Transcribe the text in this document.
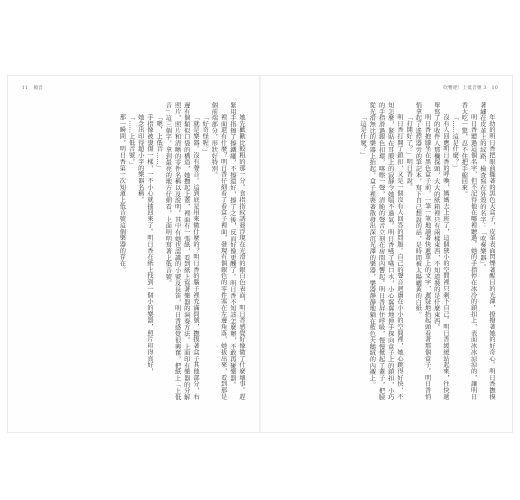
吹響吧！上低音號 3 10

年幼的明日香把眼前擺著的黑色大盒子，皮革表面閃爍著醒目的光澤，撩撥著她的好奇心。明日香撫摸著繡在皮革上的紋路，檢查寫在外殼的名字：「吹奏樂器」。

明日香聽過這個名字，但不記得他在哪裡聽過。她的手指停在冰冷的鎖扣上，表面冰冰涼涼的，讓明日香大吃一驚，忍不住把手縮回來。

「……這是什麼？」

沒有人回應明日香的呼喚，媽媽去上班了，這個狹小的空間裡只剩下自己。明日香緩緩站起來，往快遞單寫了的收件人那欄探頭，大大的紙箱裡只有兩樣東西，不知道裝的是什麼東西。

明日香抱膝坐在黑色盒子前，一筆一筆地讀著快遞單上的文字，遲疑地抬起頭看著那個盒子。明日香悄悄拿起了遙控器旁的筆記本，寫下自己想說的話，是時間被太陽曬黃的白紙。

「打開好了？」明日香說。

明日香打開了鎖扣，又是一個沒有人回答的問題。自己的聲音迴盪在小小的空間裡，她心跳得好快，不知怎麼，緊貼在耳膜上的寂靜令她喘不過氣。明日香嚥了嚥口水，小心翼翼地伸手探向盒子上的鎖扣，小巧的手指滑過銀色扣環，喀嚓一聲，清脆的聲音立刻在房間內響起。明日香屏住呼吸，慢慢掀起了蓋子，把臉從光滑無比的樂器上抬起，盒子裡裝著散發出深沉光澤的樂器，樂器靜靜地躺在藍色天鵝絨的內襯上。

「這是什麼？」

11 頻音

她先歡歡比較粗的那一分。食指指紋誘發浮現在光滑的銀白色表面，明日香感覺好像做了什麼壞事。趕緊用手指擦了擦鐵罐，不擦還好，擦了之後，反而好像更醜了。明日香不知該怎麼辦，不敢再碰樂器。

裡面還有什麼？明日香仔細看了看盒子裡面，發現有個銀色的零件塞在左邊角落，她拔出來，看到那是個前端部分，形狀好特別。

「好奇怪喔。」

「就是樂器。沒有聲音。這到底是用來做什麼的？明日香的腦子裡充滿問號，撫摸著盒子其他部分，右邊有個類似口袋的構造，她撫起上蓋，裡面有一張紙，看到紙上寫著樂器的演奏方法。上面印有樂器的分解照片，照片和清晰的零件名稱以及說明。其中有她也認識的小號及長笛，明日香感覺很興奮，把紙上「上低音」這三個字，拿到最亮的地方仔細看，上面明明寫著上低音號。

「嗯，上低音……」

手指像被燙傷一樣，一不小心就抽回來了。明日香在紙上找到一個小的樂器，照片印得真好，

她念出印得超小字的樂器名稱。

「……上低音號。」

那一瞬間，明日香第一次知道上低音號這個樂器的存在。
